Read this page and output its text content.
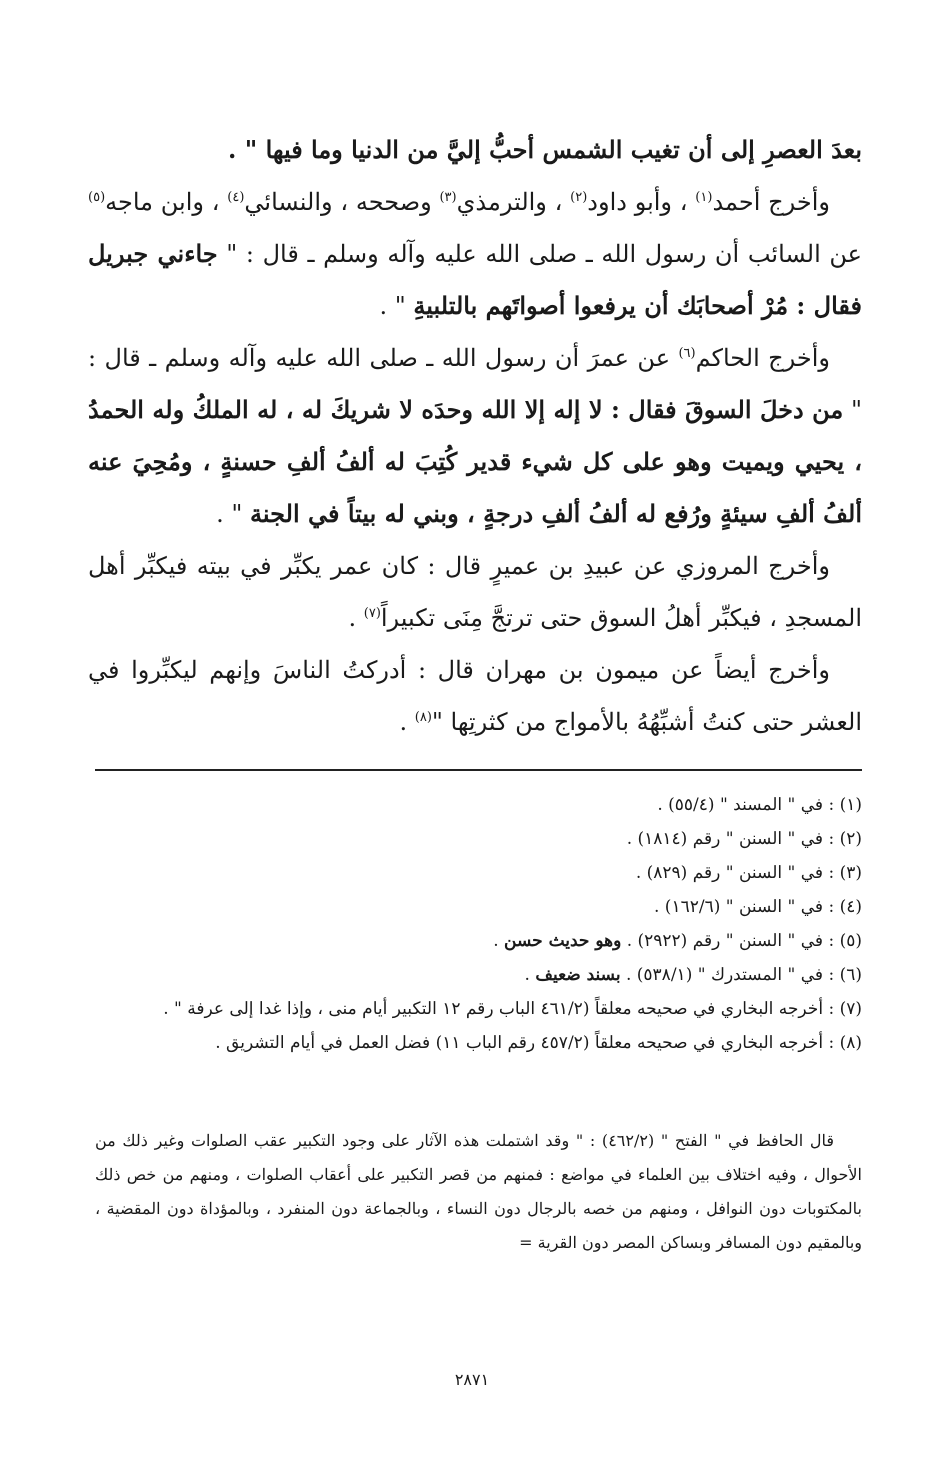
بعدَ العصرِ إلى أن تغيب الشمس أحبُّ إليَّ من الدنيا وما فيها " .

وأخرج أحمد$^{(١)}$ ، وأبو داود$^{(٢)}$ ، والترمذي$^{(٣)}$ وصححه ، والنسائي$^{(٤)}$ ، وابن ماجه$^{(٥)}$ عن السائب أن رسول الله ـ صلى الله عليه وآله وسلم ـ قال : " جاءني جبريل فقال : مُرْ أصحابَك أن يرفعوا أصواتَهم بالتلبيةِ " .

وأخرج الحاكم$^{(٦)}$ عن عمرَ أن رسول الله ـ صلى الله عليه وآله وسلم ـ قال : " من دخلَ السوقَ فقال : لا إله إلا الله وحدَه لا شريكَ له ، له الملكُ وله الحمدُ ، يحيي ويميت وهو على كل شيء قدير كُتِبَ له ألفُ ألفِ حسنةٍ ، ومُحِيَ عنه ألفُ ألفِ سيئةٍ ورُفع له ألفُ ألفِ درجةٍ ، وبني له بيتاً في الجنة " .

وأخرج المروزي عن عبيدِ بن عميرٍ قال : كان عمر يكبِّر في بيته فيكبِّر أهل المسجدِ ، فيكبِّر أهلُ السوق حتى ترتجَّ مِنَى تكبيراً$^{(٧)}$ .

وأخرج أيضاً عن ميمون بن مهران قال : أدركتُ الناسَ وإنهم ليكبِّروا في العشر حتى كنتُ أشبِّهُهُ بالأمواج من كثرتِها "$^{(٨)}$ .

(١) : في " المسند " (٥٥/٤) .

(٢) : في " السنن " رقم (١٨١٤) .

(٣) : في " السنن " رقم (٨٢٩) .

(٤) : في " السنن " (١٦٢/٦) .

(٥) : في " السنن " رقم (٢٩٢٢) . وهو حديث حسن .

(٦) : في " المستدرك " (٥٣٨/١) . بسند ضعيف .

(٧) : أخرجه البخاري في صحيحه معلقاً (٤٦١/٢ الباب رقم ١٢ التكبير أيام منى ، وإذا غدا إلى عرفة " .

(٨) : أخرجه البخاري في صحيحه معلقاً (٤٥٧/٢ رقم الباب ١١) فضل العمل في أيام التشريق .

قال الحافظ في " الفتح " (٤٦٢/٢) : " وقد اشتملت هذه الآثار على وجود التكبير عقب الصلوات وغير ذلك من الأحوال ، وفيه اختلاف بين العلماء في مواضع : فمنهم من قصر التكبير على أعقاب الصلوات ، ومنهم من خص ذلك بالمكتوبات دون النوافل ، ومنهم من خصه بالرجال دون النساء ، وبالجماعة دون المنفرد ، وبالمؤداة دون المقضية ، وبالمقيم دون المسافر وبساكن المصر دون القرية =

٢٨٧١
